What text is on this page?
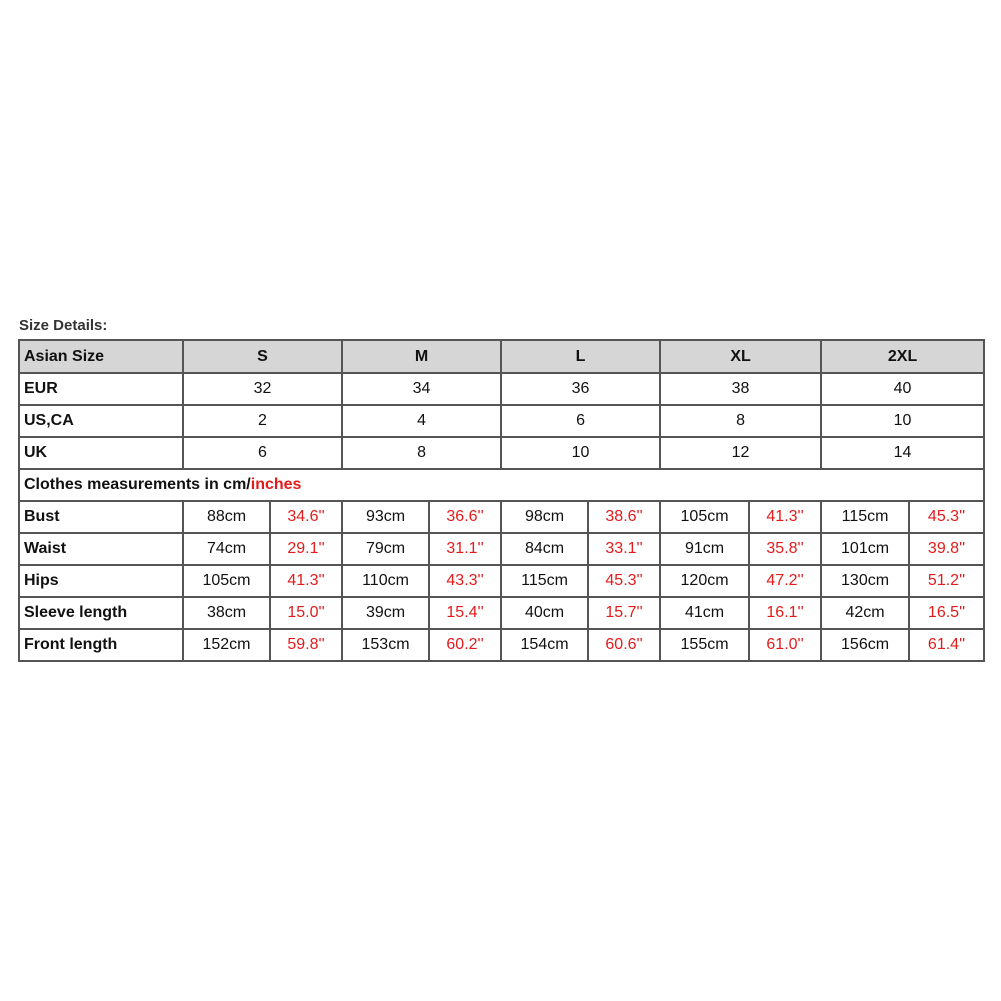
Size Details:
Asian Size	S		M		L		XL		2XL	
EUR	32		34		36		38		40	
US,CA	2		4		6		8		10	
UK	6		8		10		12		14	
Clothes measurements in cm/inches										
Bust	88cm	34.6''	93cm	36.6''	98cm	38.6''	105cm	41.3''	115cm	45.3''
Waist	74cm	29.1''	79cm	31.1''	84cm	33.1''	91cm	35.8''	101cm	39.8''
Hips	105cm	41.3''	110cm	43.3''	115cm	45.3''	120cm	47.2''	130cm	51.2''
Sleeve length	38cm	15.0''	39cm	15.4''	40cm	15.7''	41cm	16.1''	42cm	16.5''
Front length	152cm	59.8''	153cm	60.2''	154cm	60.6''	155cm	61.0''	156cm	61.4''
